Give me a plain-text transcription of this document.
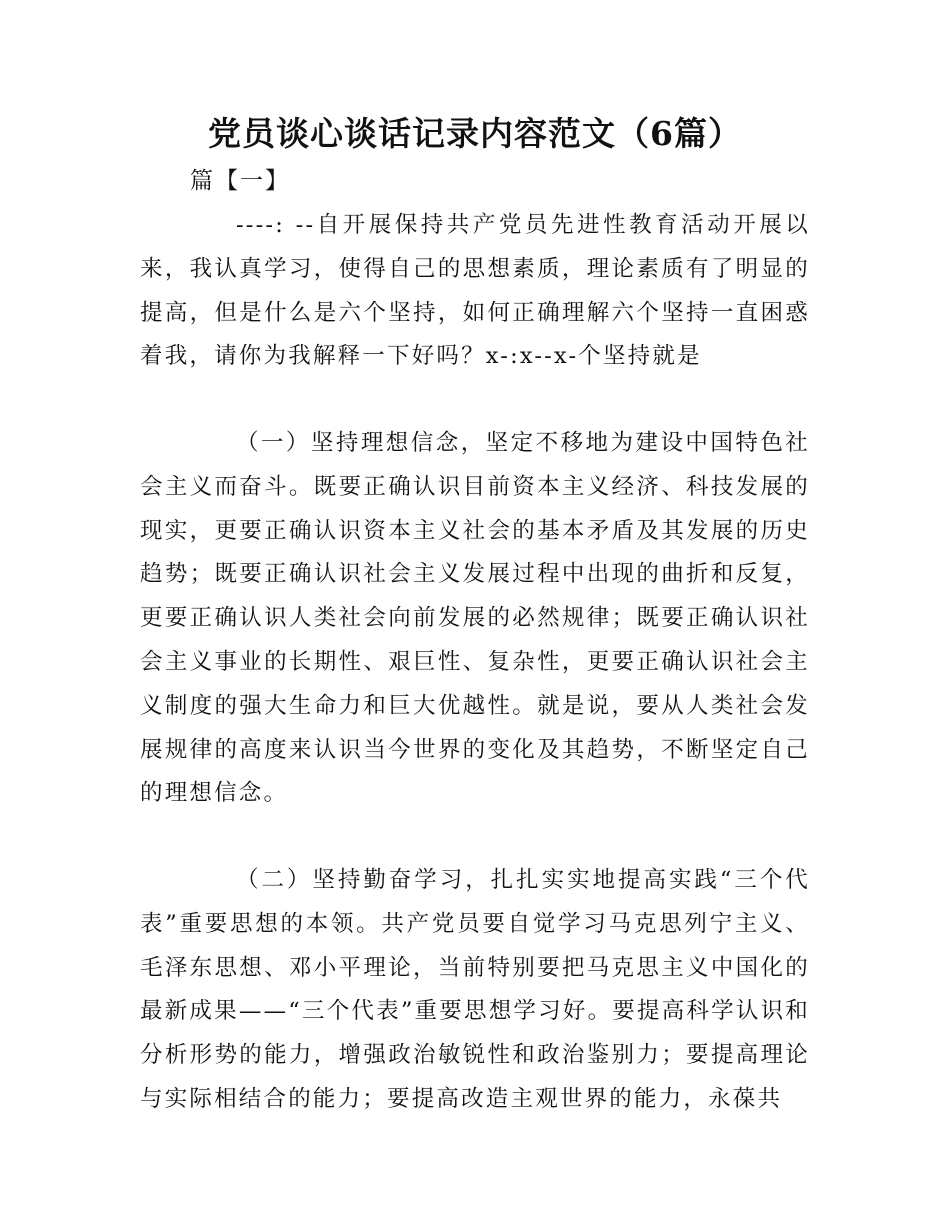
党员谈心谈话记录内容范文（6篇）

篇【一】

--‑-: --自开展保持共产党员先进性教育活动开展以来，我认真学习，使得自己的思想素质，理论素质有了明显的提高，但是什么是六个坚持，如何正确理解六个坚持一直困惑着我，请你为我解释一下好吗？x-:x-‑x-个坚持就是

（一）坚持理想信念，坚定不移地为建设中国特色社会主义而奋斗。既要正确认识目前资本主义经济、科技发展的现实，更要正确认识资本主义社会的基本矛盾及其发展的历史趋势；既要正确认识社会主义发展过程中出现的曲折和反复，更要正确认识人类社会向前发展的必然规律；既要正确认识社会主义事业的长期性、艰巨性、复杂性，更要正确认识社会主义制度的强大生命力和巨大优越性。就是说，要从人类社会发展规律的高度来认识当今世界的变化及其趋势，不断坚定自己的理想信念。

（二）坚持勤奋学习，扎扎实实地提高实践“三个代表”重要思想的本领。共产党员要自觉学习马克思列宁主义、毛泽东思想、邓小平理论，当前特别要把马克思主义中国化的最新成果——“三个代表”重要思想学习好。要提高科学认识和分析形势的能力，增强政治敏锐性和政治鉴别力；要提高理论与实际相结合的能力；要提高改造主观世界的能力，永葆共
